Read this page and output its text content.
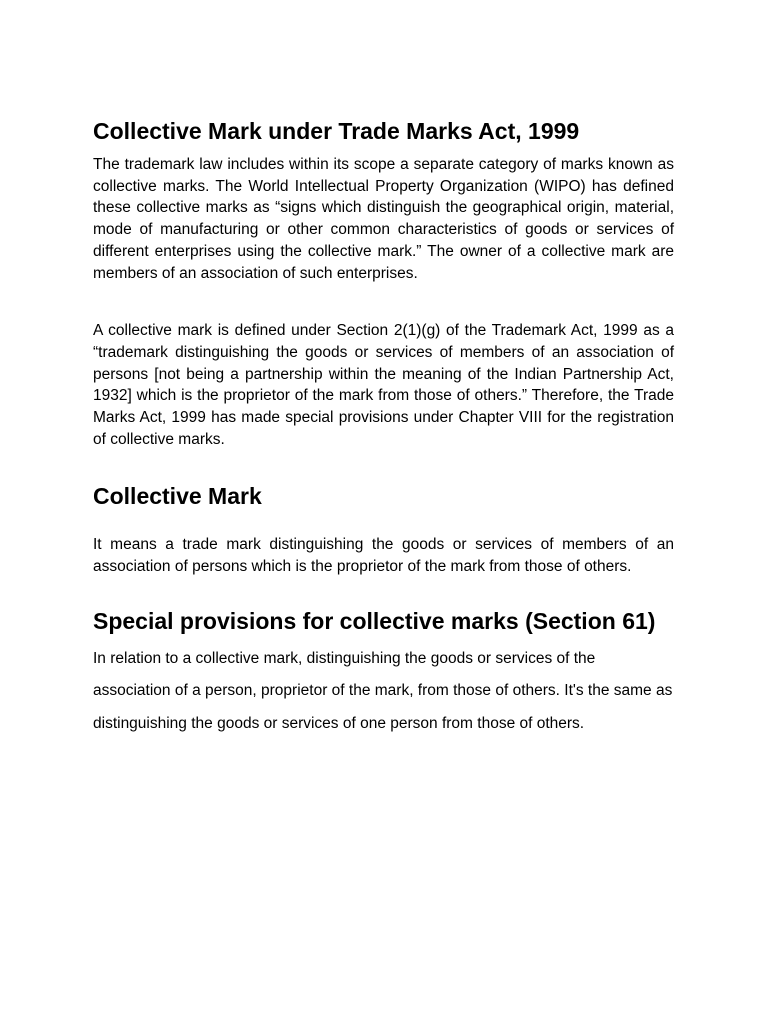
Collective Mark under Trade Marks Act, 1999

The trademark law includes within its scope a separate category of marks known as collective marks. The World Intellectual Property Organization (WIPO) has defined these collective marks as “signs which distinguish the geographical origin, material, mode of manufacturing or other common characteristics of goods or services of different enterprises using the collective mark.” The owner of a collective mark are members of an association of such enterprises.

A collective mark is defined under Section 2(1)(g) of the Trademark Act, 1999 as a “trademark distinguishing the goods or services of members of an association of persons [not being a partnership within the meaning of the Indian Partnership Act, 1932] which is the proprietor of the mark from those of others.” Therefore, the Trade Marks Act, 1999 has made special provisions under Chapter VIII for the registration of collective marks.

Collective Mark

It means a trade mark distinguishing the goods or services of members of an association of persons which is the proprietor of the mark from those of others.

Special provisions for collective marks (Section 61)

In relation to a collective mark, distinguishing the goods or services of the association of a person, proprietor of the mark, from those of others. It's the same as distinguishing the goods or services of one person from those of others.
